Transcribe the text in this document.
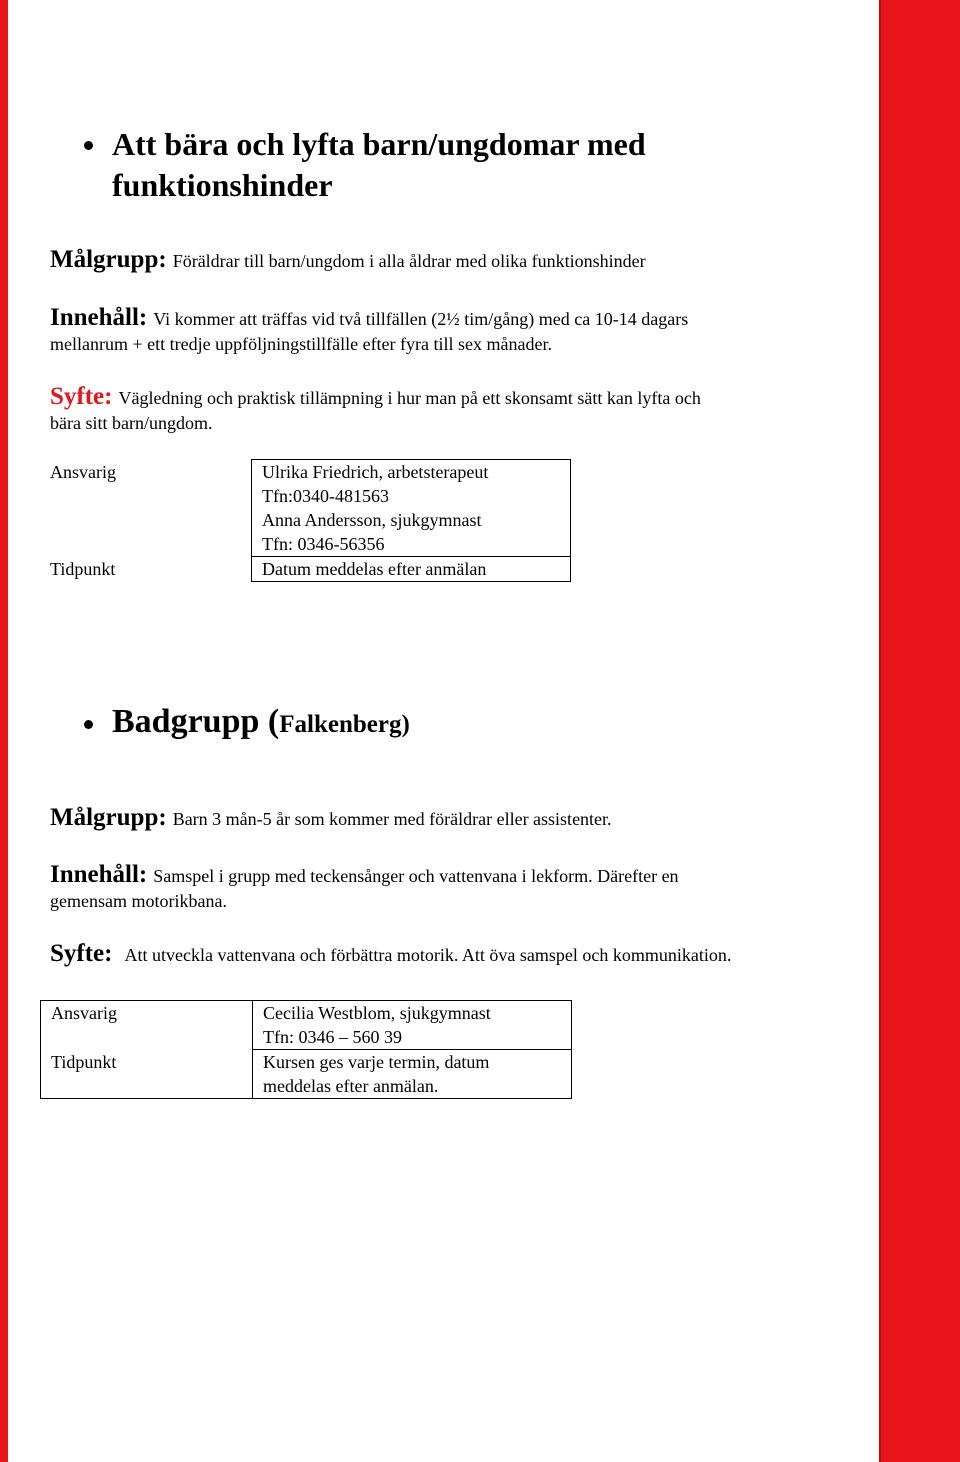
Att bära och lyfta barn/ungdomar med
funktionshinder
Målgrupp: Föräldrar till barn/ungdom i alla åldrar med olika funktionshinder
Innehåll: Vi kommer att träffas vid två tillfällen (2½ tim/gång) med ca 10-14 dagars
mellanrum + ett tredje uppföljningstillfälle efter fyra till sex månader.
Syfte: Vägledning och praktisk tillämpning i hur man på ett skonsamt sätt kan lyfta och
bära sitt barn/ungdom.
Ansvarig	Ulrika Friedrich, arbetsterapeut
Tfn:0340-481563
Anna Andersson, sjukgymnast
Tfn: 0346-56356

Tidpunkt	Datum meddelas efter anmälan
Badgrupp (Falkenberg)
Målgrupp: Barn 3 mån-5 år som kommer med föräldrar eller assistenter.
Innehåll: Samspel i grupp med teckensånger och vattenvana i lekform. Därefter en
gemensam motorikbana.
Syfte: Att utveckla vattenvana och förbättra motorik. Att öva samspel och kommunikation.
Ansvarig	Cecilia Westblom, sjukgymnast
Tfn: 0346 – 560 39

Tidpunkt	Kursen ges varje termin, datum
meddelas efter anmälan.
